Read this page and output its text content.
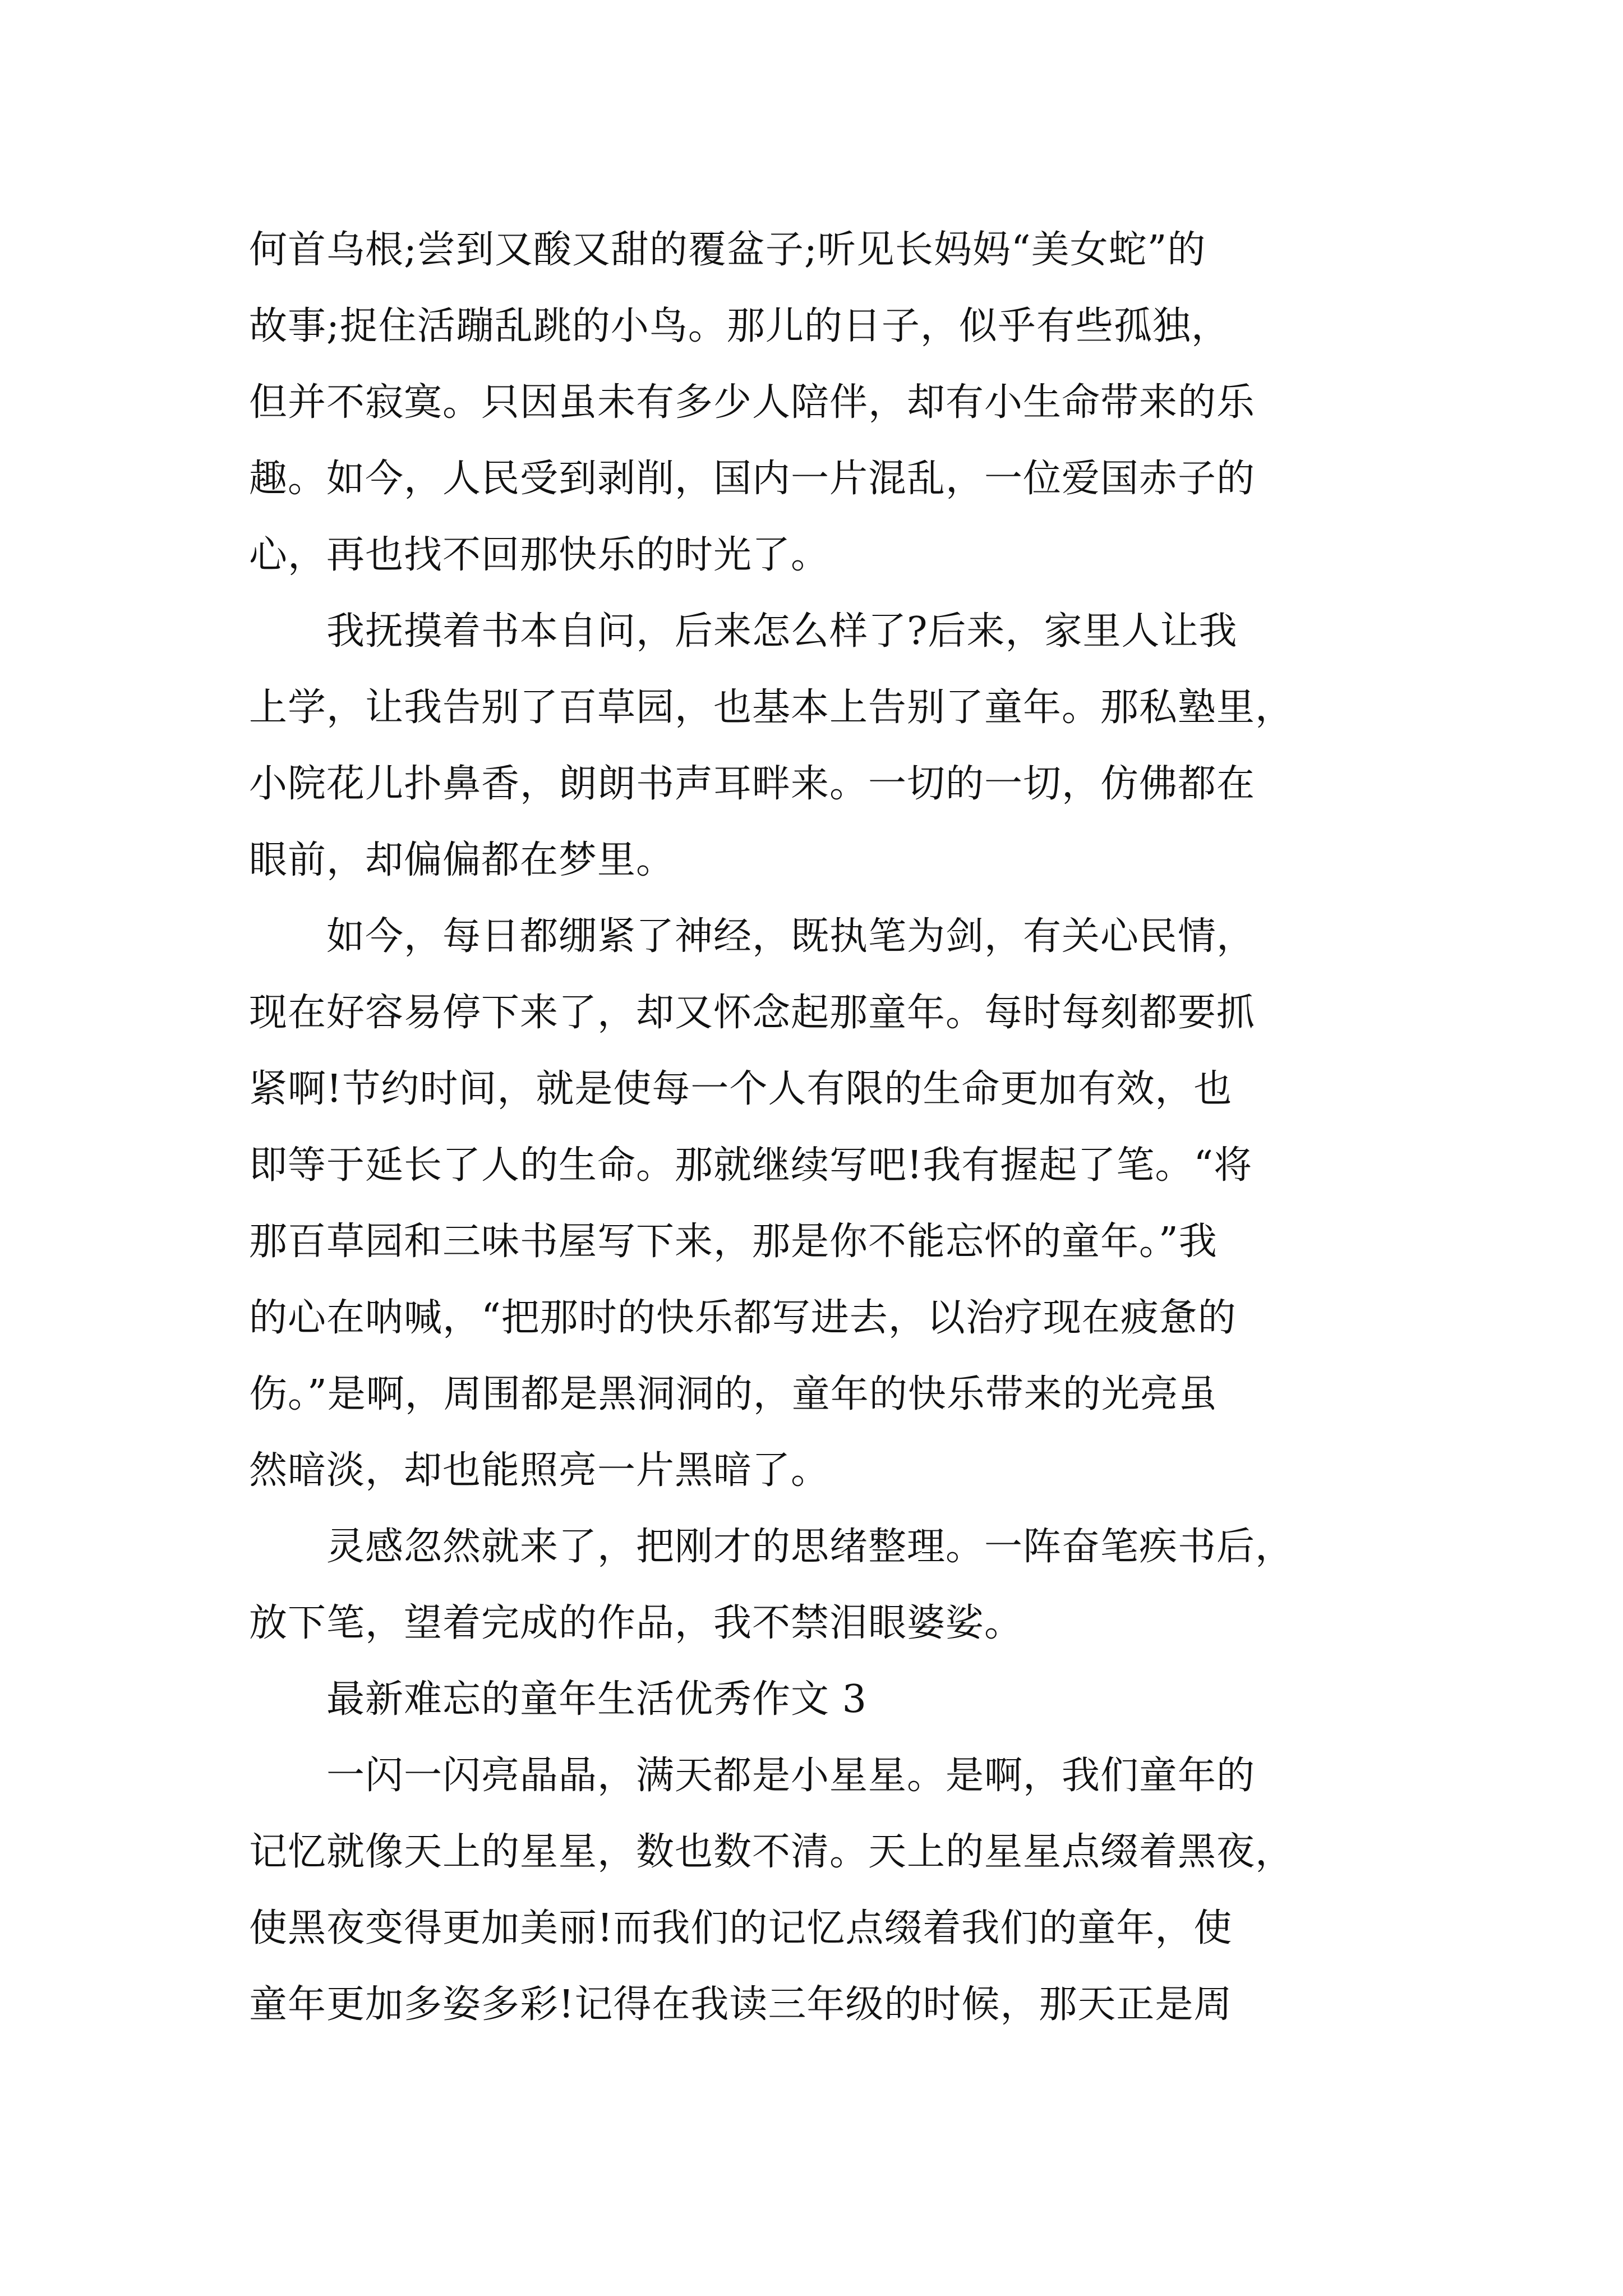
何首乌根;尝到又酸又甜的覆盆子;听见长妈妈“美女蛇”的
故事;捉住活蹦乱跳的小鸟。那儿的日子，似乎有些孤独，
但并不寂寞。只因虽未有多少人陪伴，却有小生命带来的乐
趣。如今，人民受到剥削，国内一片混乱，一位爱国赤子的
心，再也找不回那快乐的时光了。
　　我抚摸着书本自问，后来怎么样了?后来，家里人让我
上学，让我告别了百草园，也基本上告别了童年。那私塾里，
小院花儿扑鼻香，朗朗书声耳畔来。一切的一切，仿佛都在
眼前，却偏偏都在梦里。
　　如今，每日都绷紧了神经，既执笔为剑，有关心民情，
现在好容易停下来了，却又怀念起那童年。每时每刻都要抓
紧啊!节约时间，就是使每一个人有限的生命更加有效，也
即等于延长了人的生命。那就继续写吧!我有握起了笔。“将
那百草园和三味书屋写下来，那是你不能忘怀的童年。”我
的心在呐喊，“把那时的快乐都写进去，以治疗现在疲惫的
伤。”是啊，周围都是黑洞洞的，童年的快乐带来的光亮虽
然暗淡，却也能照亮一片黑暗了。
　　灵感忽然就来了，把刚才的思绪整理。一阵奋笔疾书后，
放下笔，望着完成的作品，我不禁泪眼婆娑。
　　最新难忘的童年生活优秀作文 3
　　一闪一闪亮晶晶，满天都是小星星。是啊，我们童年的
记忆就像天上的星星，数也数不清。天上的星星点缀着黑夜，
使黑夜变得更加美丽!而我们的记忆点缀着我们的童年，使
童年更加多姿多彩!记得在我读三年级的时候，那天正是周
